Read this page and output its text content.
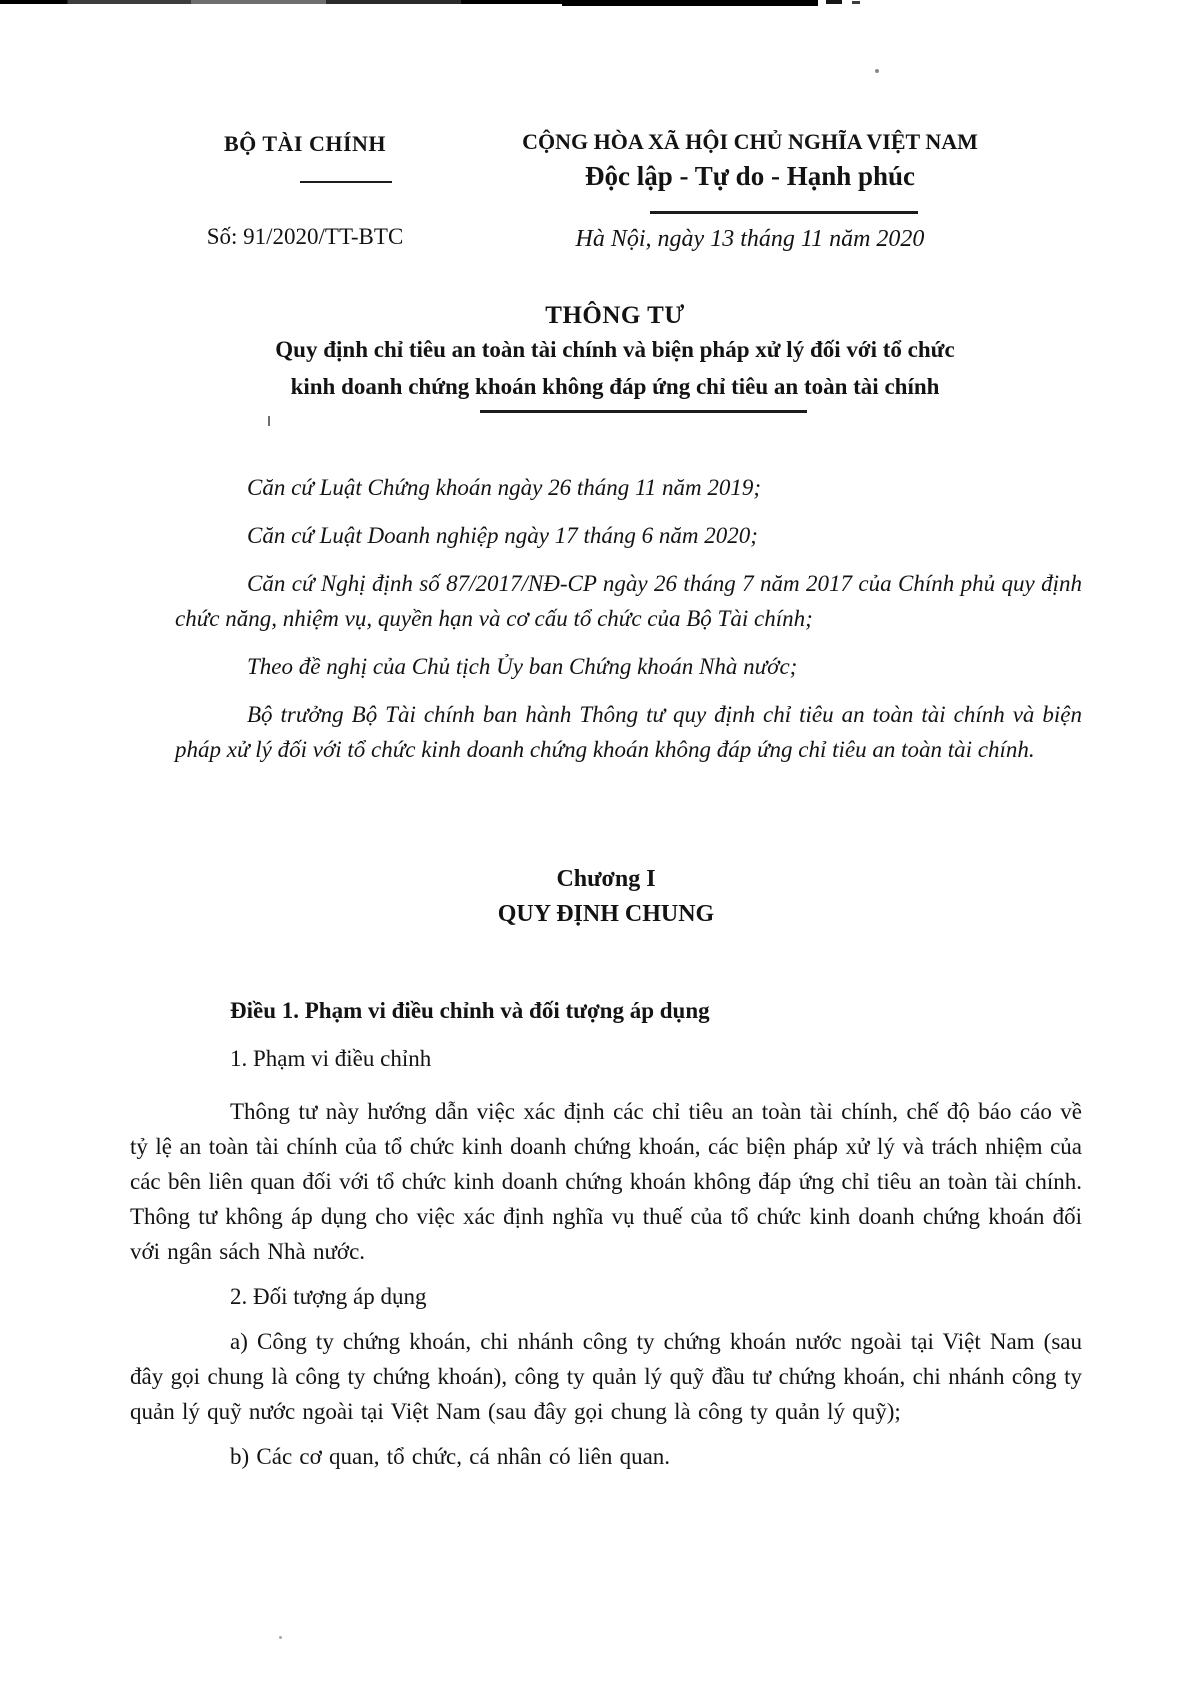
BỘ TÀI CHÍNH
Số: 91/2020/TT-BTC
CỘNG HÒA XÃ HỘI CHỦ NGHĨA VIỆT NAM
Độc lập - Tự do - Hạnh phúc
Hà Nội, ngày 13 tháng 11 năm 2020
THÔNG TƯ
Quy định chỉ tiêu an toàn tài chính và biện pháp xử lý đối với tổ chức
kinh doanh chứng khoán không đáp ứng chỉ tiêu an toàn tài chính

Căn cứ Luật Chứng khoán ngày 26 tháng 11 năm 2019;

Căn cứ Luật Doanh nghiệp ngày 17 tháng 6 năm 2020;

Căn cứ Nghị định số 87/2017/NĐ-CP ngày 26 tháng 7 năm 2017 của Chính phủ quy định chức năng, nhiệm vụ, quyền hạn và cơ cấu tổ chức của Bộ Tài chính;

Theo đề nghị của Chủ tịch Ủy ban Chứng khoán Nhà nước;

Bộ trưởng Bộ Tài chính ban hành Thông tư quy định chỉ tiêu an toàn tài chính và biện pháp xử lý đối với tổ chức kinh doanh chứng khoán không đáp ứng chỉ tiêu an toàn tài chính.

Chương I
QUY ĐỊNH CHUNG
Điều 1. Phạm vi điều chỉnh và đối tượng áp dụng

1. Phạm vi điều chỉnh

Thông tư này hướng dẫn việc xác định các chỉ tiêu an toàn tài chính, chế độ báo cáo về tỷ lệ an toàn tài chính của tổ chức kinh doanh chứng khoán, các biện pháp xử lý và trách nhiệm của các bên liên quan đối với tổ chức kinh doanh chứng khoán không đáp ứng chỉ tiêu an toàn tài chính. Thông tư không áp dụng cho việc xác định nghĩa vụ thuế của tổ chức kinh doanh chứng khoán đối với ngân sách Nhà nước.

2. Đối tượng áp dụng

a) Công ty chứng khoán, chi nhánh công ty chứng khoán nước ngoài tại Việt Nam (sau đây gọi chung là công ty chứng khoán), công ty quản lý quỹ đầu tư chứng khoán, chi nhánh công ty quản lý quỹ nước ngoài tại Việt Nam (sau đây gọi chung là công ty quản lý quỹ);

b) Các cơ quan, tổ chức, cá nhân có liên quan.
